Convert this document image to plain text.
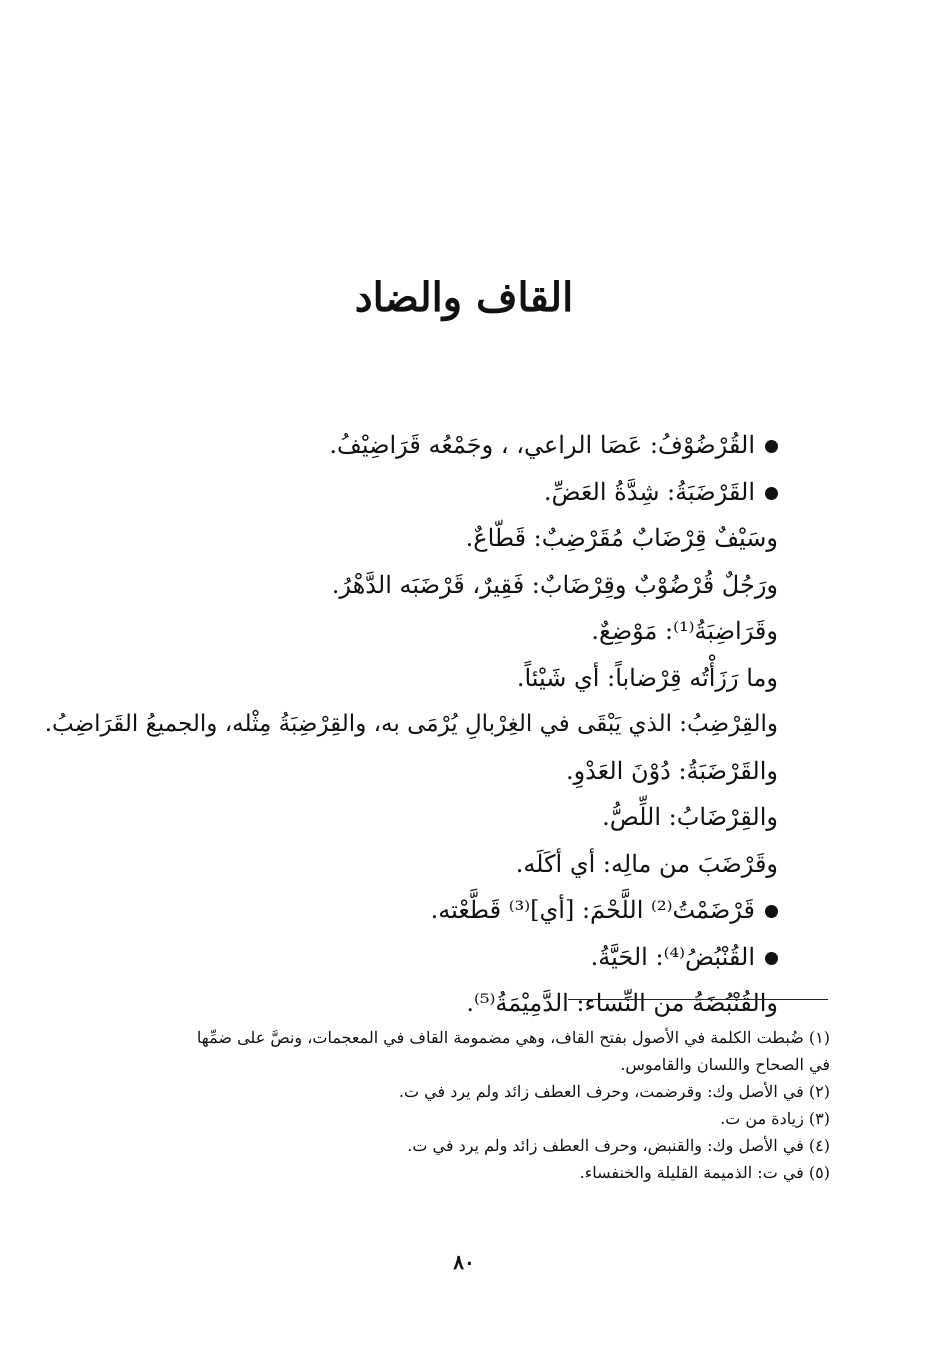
القاف والضاد
القُرْضُوْفُ: عَصَا الراعي، ، وجَمْعُه قَرَاضِيْفُ.
القَرْضَبَةُ: شِدَّةُ العَضِّ.
وسَيْفٌ قِرْضَابٌ مُقَرْضِبٌ: قَطّاعٌ.
ورَجُلٌ قُرْضُوْبٌ وقِرْضَابٌ: فَقِيرٌ، قَرْضَبَه الدَّهْرُ.
وقَرَاضِبَةُ⁽¹⁾: مَوْضِعٌ.
وما رَزَأْتُه قِرْضاباً: أي شَيْئاً.
والقِرْضِبُ: الذي يَبْقَى في الغِرْبالِ يُرْمَى به، والقِرْضِبَةُ مِثْله، والجميعُ القَرَاضِبُ.
والقَرْضَبَةُ: دُوْنَ العَدْوِ.
والقِرْضَابُ: اللِّصُّ.
وقَرْضَبَ من مالِه: أي أكَلَه.
قَرْضَمْتُ⁽²⁾ اللَّحْمَ: [أي]⁽³⁾ قَطَّعْته.
القُنْبُضُ⁽⁴⁾: الحَيَّةُ.
والقُنْبُضَةُ من النِّساء: الدَّمِيْمَةُ⁽⁵⁾.
(١) ضُبطت الكلمة في الأصول بفتح القاف، وهي مضمومة القاف في المعجمات، ونصَّ على ضمِّها
في الصحاح واللسان والقاموس.
(٢) في الأصل وك: وقرضمت، وحرف العطف زائد ولم يرد في ت.
(٣) زيادة من ت.
(٤) في الأصل وك: والقنبض، وحرف العطف زائد ولم يرد في ت.
(٥) في ت: الذميمة القليلة والخنفساء.
٨٠
